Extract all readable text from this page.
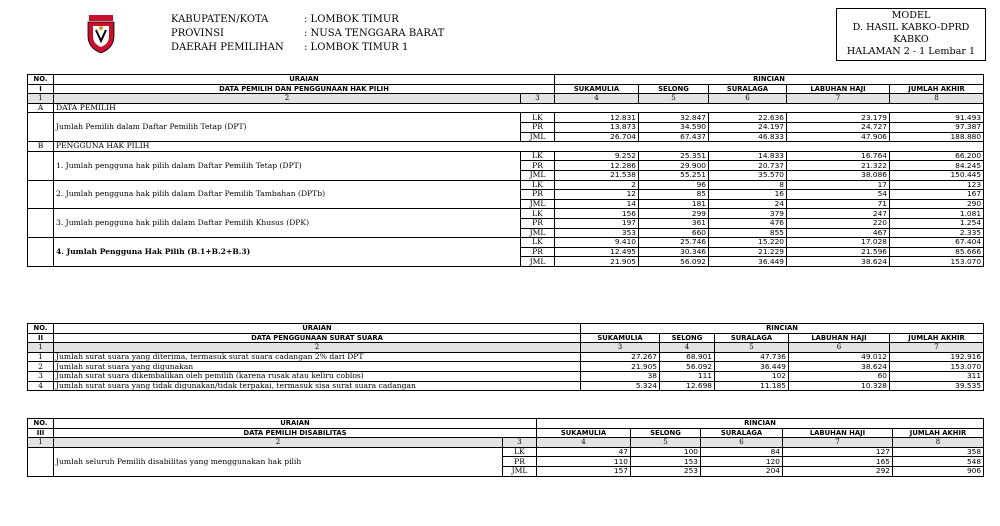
KABUPATEN/KOTA	: LOMBOK TIMUR
PROVINSI	: NUSA TENGGARA BARAT
DAERAH PEMILIHAN	: LOMBOK TIMUR 1
MODEL
D. HASIL KABKO-DPRD
KABKO
HALAMAN 2 - 1 Lembar 1
NO.	URAIAN		RINCIAN				
I	DATA PEMILIH DAN PENGGUNAAN HAK PILIH		SUKAMULIA	SELONG	SURALAGA	LABUHAN HAJI	JUMLAH AKHIR
1	2	3	4	5	6	7	8
A	DATA PEMILIH						
	Jumlah Pemilih dalam Daftar Pemilih Tetap (DPT)	LK	12.831	32.847	22.636	23.179	91.493
		PR	13.873	34.590	24.197	24.727	97.387
		JML	26.704	67.437	46.833	47.906	188.880
B	PENGGUNA HAK PILIH						
	1. Jumlah pengguna hak pilih dalam Daftar Pemilih Tetap (DPT)	LK	9.252	25.351	14.833	16.764	66.200
		PR	12.286	29.900	20.737	21.322	84.245
		JML	21.538	55.251	35.570	38.086	150.445
	2. Jumlah pengguna hak pilih dalam Daftar Pemilih Tambahan (DPTb)	LK	2	96	8	17	123
		PR	12	85	16	54	167
		JML	14	181	24	71	290
	3. Jumlah pengguna hak pilih dalam Daftar Pemilih Khusus (DPK)	LK	156	299	379	247	1.081
		PR	197	361	476	220	1.254
		JML	353	660	855	467	2.335
	4. Jumlah Pengguna Hak Pilih (B.1+B.2+B.3)	LK	9.410	25.746	15.220	17.028	67.404
		PR	12.495	30.346	21.229	21.596	85.666
		JML	21.905	56.092	36.449	38.624	153.070
NO.	URAIAN	RINCIAN				
II	DATA PENGGUNAAN SURAT SUARA	SUKAMULIA	SELONG	SURALAGA	LABUHAN HAJI	JUMLAH AKHIR
1	2	3	4	5	6	7
1	Jumlah surat suara yang diterima, termasuk surat suara cadangan 2% dari DPT	27.267	68.901	47.736	49.012	192.916
2	Jumlah surat suara yang digunakan	21.905	56.092	36.449	38.624	153.070
3	Jumlah surat suara dikembalikan oleh pemilih (karena rusak atau keliru coblos)	38	111	102	60	311
4	Jumlah surat suara yang tidak digunakan/tidak terpakai, termasuk sisa surat suara cadangan	5.324	12.698	11.185	10.328	39.535
NO.	URAIAN		RINCIAN				
III	DATA PEMILIH DISABILITAS		SUKAMULIA	SELONG	SURALAGA	LABUHAN HAJI	JUMLAH AKHIR
1	2	3	4	5	6	7	8
	Jumlah seluruh Pemilih disabilitas yang menggunakan hak pilih	LK	47	100	84	127	358
		PR	110	153	120	165	548
		JML	157	253	204	292	906
